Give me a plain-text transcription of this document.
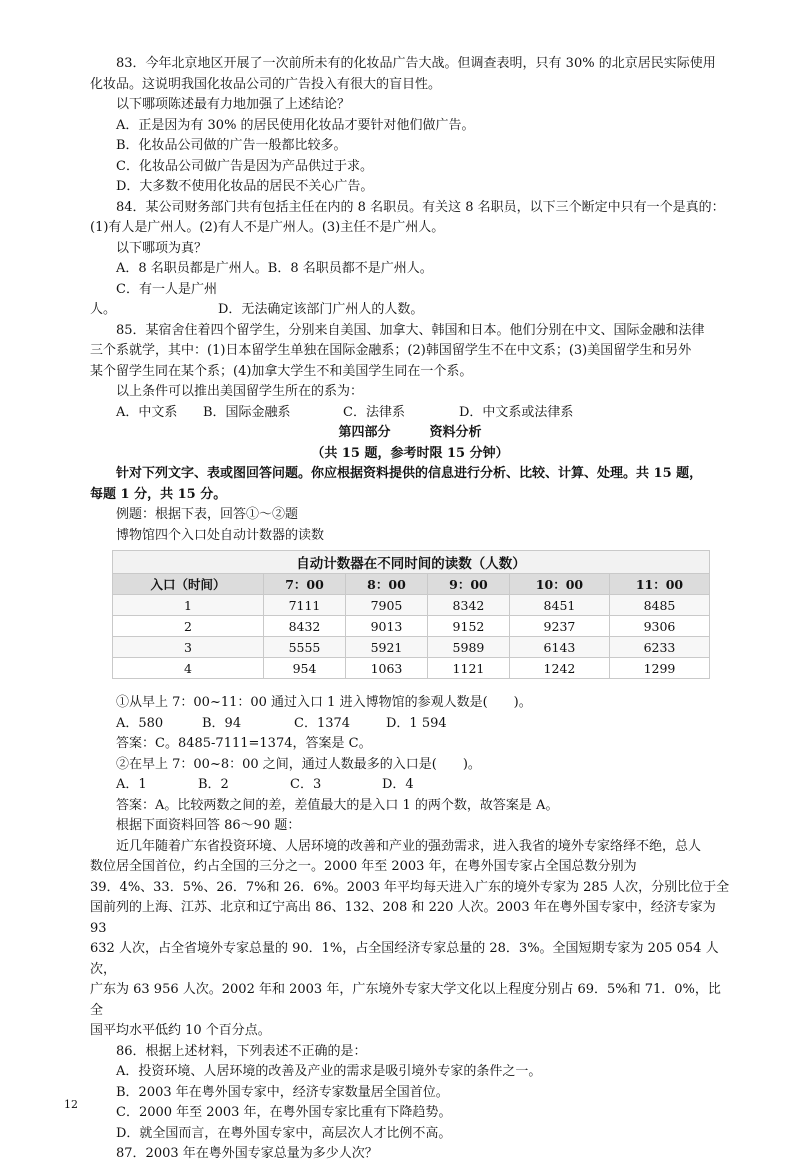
　　83．今年北京地区开展了一次前所未有的化妆品广告大战。但调查表明，只有 30% 的北京居民实际使用

化妆品。这说明我国化妆品公司的广告投入有很大的盲目性。

　　以下哪项陈述最有力地加强了上述结论？

　　A．正是因为有 30% 的居民使用化妆品才要针对他们做广告。

　　B．化妆品公司做的广告一般都比较多。

　　C．化妆品公司做广告是因为产品供过于求。

　　D．大多数不使用化妆品的居民不关心广告。

　　84．某公司财务部门共有包括主任在内的 8 名职员。有关这 8 名职员，以下三个断定中只有一个是真的：

(1)有人是广州人。(2)有人不是广州人。(3)主任不是广州人。

　　以下哪项为真？

　　A．8 名职员都是广州人。B．8 名职员都不是广州人。

　　C．有一人是广州人。	D．无法确定该部门广州人的人数。

　　85．某宿舍住着四个留学生，分别来自美国、加拿大、韩国和日本。他们分别在中文、国际金融和法律

三个系就学，其中：(1)日本留学生单独在国际金融系；(2)韩国留学生不在中文系；(3)美国留学生和另外

某个留学生同在某个系；(4)加拿大学生不和美国学生同在一个系。

　　以上条件可以推出美国留学生所在的系为：

　　A．中文系 B．国际金融系	C．法律系	D．中文系或法律系

第四部分　　　资料分析

（共 15 题，参考时限 15 分钟）

　　针对下列文字、表或图回答问题。你应根据资料提供的信息进行分析、比较、计算、处理。共 15 题，

每题 1 分，共 15 分。

　　例题：根据下表，回答①～②题

　　博物馆四个入口处自动计数器的读数

自动计数器在不同时间的读数（人数）					
入口（时间）	7：00	8：00	9：00	10：00	11：00
1	7111	7905	8342	8451	8485
2	8432	9013	9152	9237	9306
3	5555	5921	5989	6143	6233
4	954	1063	1121	1242	1299

　　①从早上 7：00~11：00 通过入口 1 进入博物馆的参观人数是(　　)。

　　A．580	B．94	C．1374	D．1 594

　　答案：C。8485-7111=1374，答案是 C。

　　②在早上 7：00~8：00 之间，通过人数最多的入口是(　　)。

　　A．1	B．2	C．3	D．4

　　答案：A。比较两数之间的差，差值最大的是入口 1 的两个数，故答案是 A。

　　根据下面资料回答 86～90 题：

　　近几年随着广东省投资环境、人居环境的改善和产业的强劲需求，进入我省的境外专家络绎不绝，总人

数位居全国首位，约占全国的三分之一。2000 年至 2003 年，在粤外国专家占全国总数分别为

39．4%、33．5%、26．7%和 26．6%。2003 年平均每天进入广东的境外专家为 285 人次，分别比位于全

国前列的上海、江苏、北京和辽宁高出 86、132、208 和 220 人次。2003 年在粤外国专家中，经济专家为 93

632 人次，占全省境外专家总量的 90．1%，占全国经济专家总量的 28．3%。全国短期专家为 205 054 人次，

广东为 63 956 人次。2002 年和 2003 年，广东境外专家大学文化以上程度分别占 69．5%和 71．0%，比全

国平均水平低约 10 个百分点。

　　86．根据上述材料，下列表述不正确的是：

　　A．投资环境、人居环境的改善及产业的需求是吸引境外专家的条件之一。

　　B．2003 年在粤外国专家中，经济专家数量居全国首位。

　　C．2000 年至 2003 年，在粤外国专家比重有下降趋势。

　　D．就全国而言，在粤外国专家中，高层次人才比例不高。

　　87．2003 年在粤外国专家总量为多少人次？

12
